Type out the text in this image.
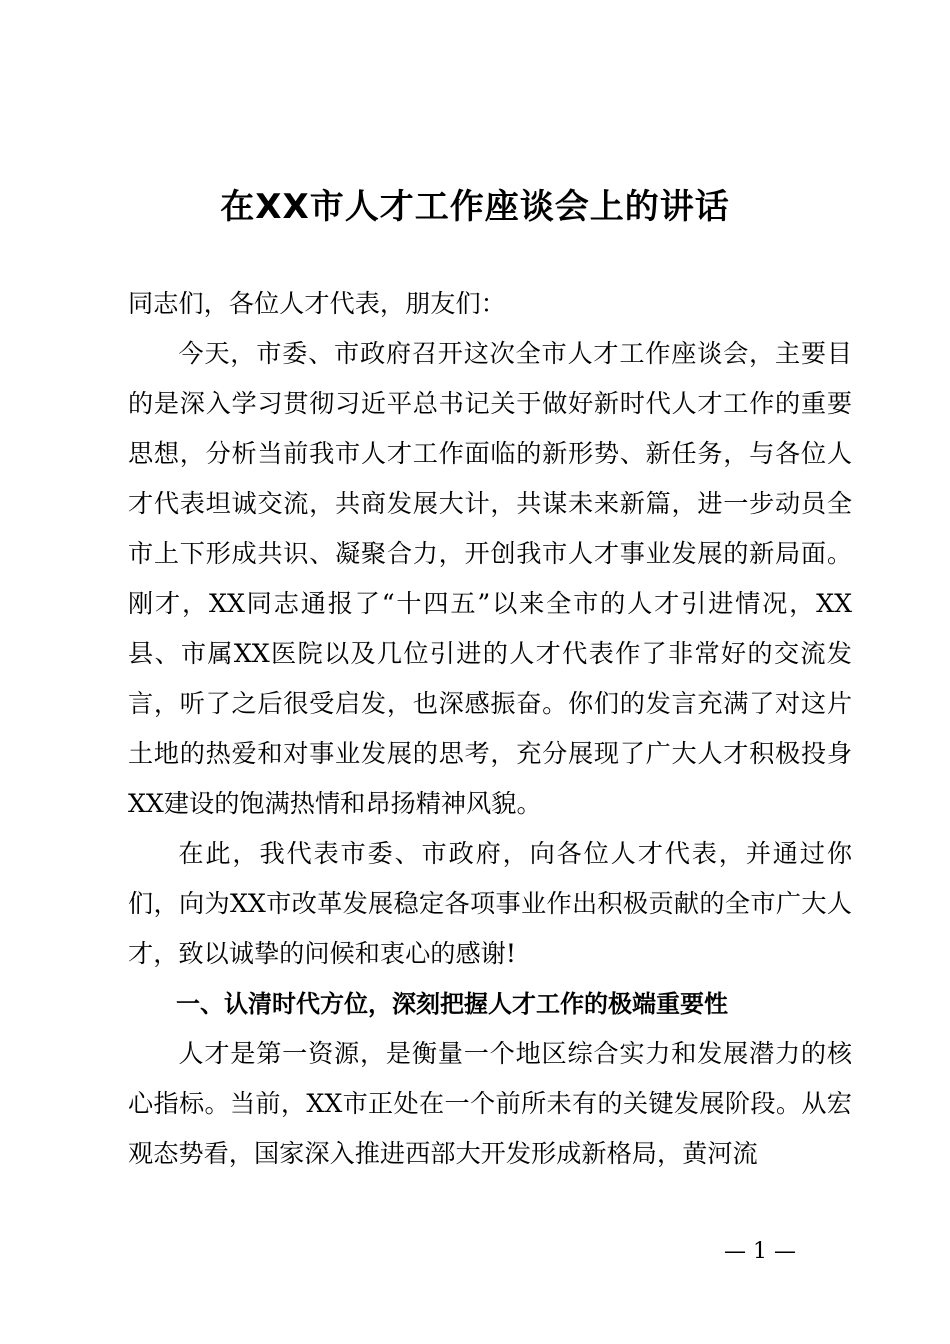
在XX市人才工作座谈会上的讲话

同志们，各位人才代表，朋友们：

今天，市委、市政府召开这次全市人才工作座谈会，主要目的是深入学习贯彻习近平总书记关于做好新时代人才工作的重要思想，分析当前我市人才工作面临的新形势、新任务，与各位人才代表坦诚交流，共商发展大计，共谋未来新篇，进一步动员全市上下形成共识、凝聚合力，开创我市人才事业发展的新局面。刚才，XX同志通报了“十四五”以来全市的人才引进情况，XX县、市属XX医院以及几位引进的人才代表作了非常好的交流发言，听了之后很受启发，也深感振奋。你们的发言充满了对这片土地的热爱和对事业发展的思考，充分展现了广大人才积极投身XX建设的饱满热情和昂扬精神风貌。

在此，我代表市委、市政府，向各位人才代表，并通过你们，向为XX市改革发展稳定各项事业作出积极贡献的全市广大人才，致以诚挚的问候和衷心的感谢!

一、认清时代方位，深刻把握人才工作的极端重要性

人才是第一资源，是衡量一个地区综合实力和发展潜力的核心指标。当前，XX市正处在一个前所未有的关键发展阶段。从宏观态势看，国家深入推进西部大开发形成新格局，黄河流

— 1 —
